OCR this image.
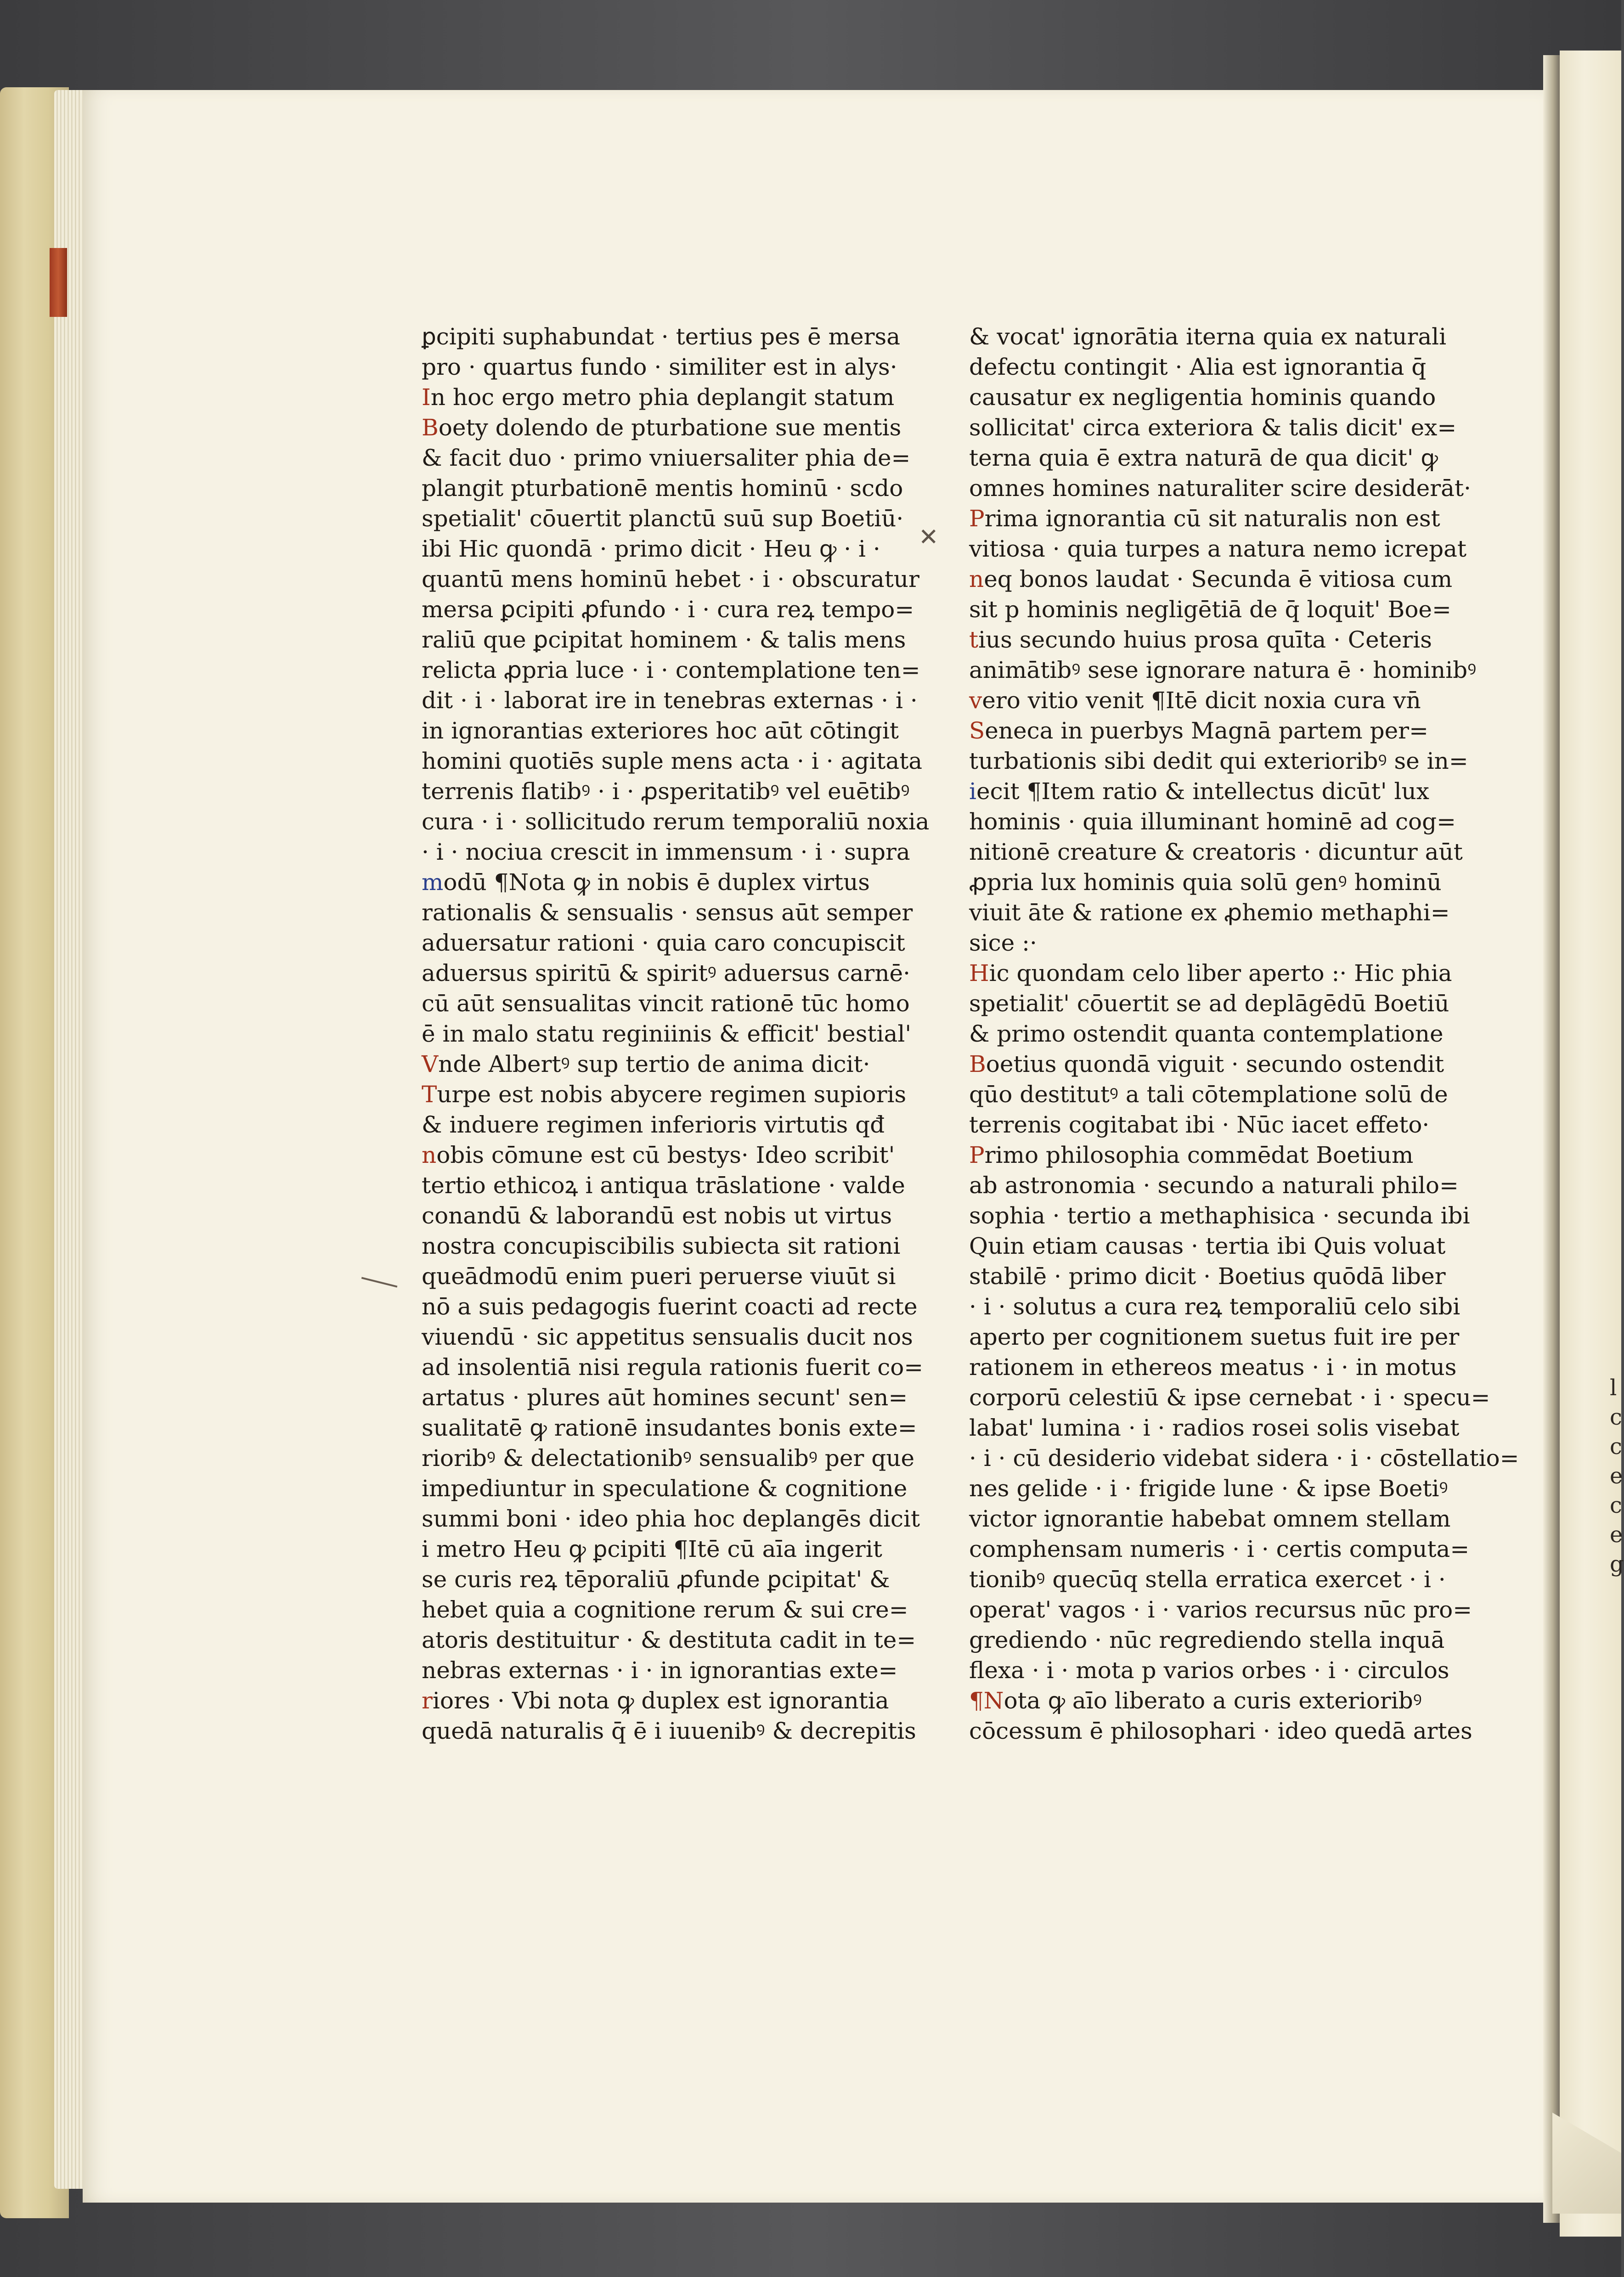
l
c
c
e
c
e
g
✕
ꝑcipiti suphabundat · tertius pes ē mersa
pro · quartus fundo · similiter est in alys·
In hoc ergo metro phia deplangit statum
Boety dolendo de pturbatione sue mentis
& facit duo · primo vniuersaliter phia de=
plangit pturbationē mentis hominū · scdo
spetialit' cōuertit planctū suū sup Boetiū·
ibi Hic quondā · primo dicit · Heu ꝙ · i ·
quantū mens hominū hebet · i · obscuratur
mersa ꝑcipiti ꝓfundo · i · cura reꝝ tempo=
raliū que ꝑcipitat hominem · & talis mens
relicta ꝓpria luce · i · contemplatione ten=
dit · i · laborat ire in tenebras externas · i ·
in ignorantias exteriores hoc aūt cōtingit
homini quotiēs suple mens acta · i · agitata
terrenis flatibꝰ · i · ꝓsperitatibꝰ vel euētibꝰ
cura · i · sollicitudo rerum temporaliū noxia
· i · nociua crescit in immensum · i · supra
modū ¶Nota ꝙ in nobis ē duplex virtus
rationalis & sensualis · sensus aūt semper
aduersatur rationi · quia caro concupiscit
aduersus spiritū & spiritꝰ aduersus carnē·
cū aūt sensualitas vincit rationē tūc homo
ē in malo statu reginiinis & efficit' bestial'
Vnde Albertꝰ sup tertio de anima dicit·
Turpe est nobis abycere regimen supioris
& induere regimen inferioris virtutis qđ
nobis cōmune est cū bestys· Ideo scribit'
tertio ethicoꝝ i antiqua trāslatione · valde
conandū & laborandū est nobis ut virtus
nostra concupiscibilis subiecta sit rationi
queādmodū enim pueri peruerse viuūt si
nō a suis pedagogis fuerint coacti ad recte
viuendū · sic appetitus sensualis ducit nos
ad insolentiā nisi regula rationis fuerit co=
artatus · plures aūt homines secunt' sen=
sualitatē ꝙ rationē insudantes bonis exte=
rioribꝰ & delectationibꝰ sensualibꝰ per que
impediuntur in speculatione & cognitione
summi boni · ideo phia hoc deplangēs dicit
i metro Heu ꝙ ꝑcipiti ¶Itē cū aīa ingerit
se curis reꝝ tēporaliū ꝓfunde ꝑcipitat' &
hebet quia a cognitione rerum & sui cre=
atoris destituitur · & destituta cadit in te=
nebras externas · i · in ignorantias exte=
riores · Vbi nota ꝙ duplex est ignorantia
quedā naturalis q̄ ē i iuuenibꝰ & decrepitis
& vocat' ignorātia iterna quia ex naturali
defectu contingit · Alia est ignorantia q̄
causatur ex negligentia hominis quando
sollicitat' circa exteriora & talis dicit' ex=
terna quia ē extra naturā de qua dicit' ꝙ
omnes homines naturaliter scire desiderāt·
Prima ignorantia cū sit naturalis non est
vitiosa · quia turpes a natura nemo icrepat
neq bonos laudat · Secunda ē vitiosa cum
sit p hominis negligētiā de q̄ loquit' Boe=
tius secundo huius prosa quīta · Ceteris
animātibꝰ sese ignorare natura ē · hominibꝰ
vero vitio venit ¶Itē dicit noxia cura vn̄
Seneca in puerbys Magnā partem per=
turbationis sibi dedit qui exterioribꝰ se in=
iecit ¶Item ratio & intellectus dicūt' lux
hominis · quia illuminant hominē ad cog=
nitionē creature & creatoris · dicuntur aūt
ꝓpria lux hominis quia solū genꝰ hominū
viuit āte & ratione ex ꝓhemio methaphi=
sice :·
Hic quondam celo liber aperto :· Hic phia
spetialit' cōuertit se ad deplāgēdū Boetiū
& primo ostendit quanta contemplatione
Boetius quondā viguit · secundo ostendit
qūo destitutꝰ a tali cōtemplatione solū de
terrenis cogitabat ibi · Nūc iacet effeto·
Primo philosophia commēdat Boetium
ab astronomia · secundo a naturali philo=
sophia · tertio a methaphisica · secunda ibi
Quin etiam causas · tertia ibi Quis voluat
stabilē · primo dicit · Boetius quōdā liber
· i · solutus a cura reꝝ temporaliū celo sibi
aperto per cognitionem suetus fuit ire per
rationem in ethereos meatus · i · in motus
corporū celestiū & ipse cernebat · i · specu=
labat' lumina · i · radios rosei solis visebat
· i · cū desiderio videbat sidera · i · cōstellatio=
nes gelide · i · frigide lune · & ipse Boetiꝰ
victor ignorantie habebat omnem stellam
comphensam numeris · i · certis computa=
tionibꝰ quecūq stella erratica exercet · i ·
operat' vagos · i · varios recursus nūc pro=
grediendo · nūc regrediendo stella inquā
flexa · i · mota p varios orbes · i · circulos
¶Nota ꝙ aīo liberato a curis exterioribꝰ
cōcessum ē philosophari · ideo quedā artes
